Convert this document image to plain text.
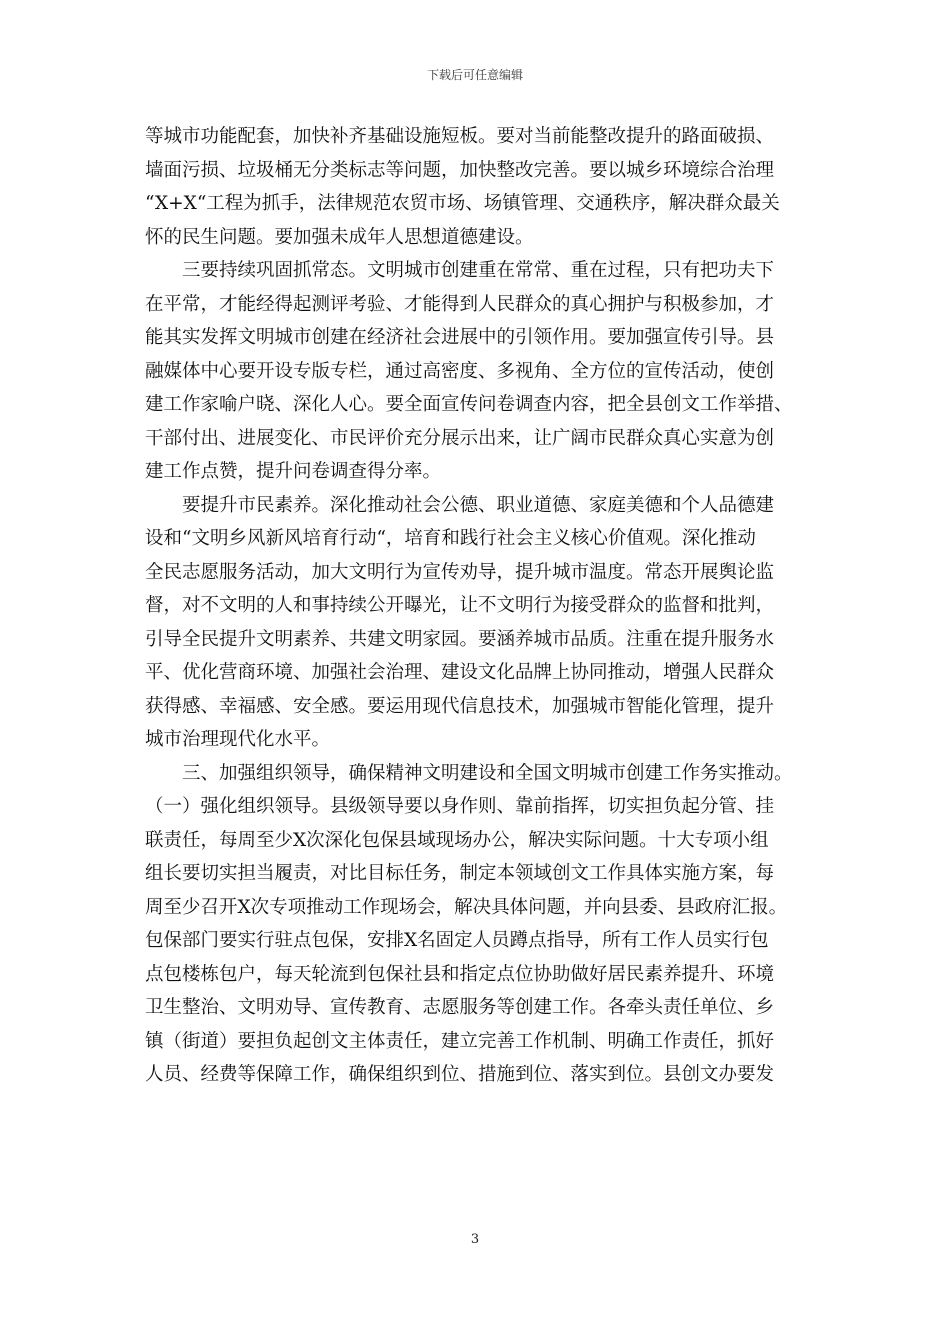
下载后可任意编辑

等城市功能配套，加快补齐基础设施短板。要对当前能整改提升的路面破损、
墙面污损、垃圾桶无分类标志等问题，加快整改完善。要以城乡环境综合治理
“X+X“工程为抓手，法律规范农贸市场、场镇管理、交通秩序，解决群众最关
怀的民生问题。要加强未成年人思想道德建设。

三要持续巩固抓常态。文明城市创建重在常常、重在过程，只有把功夫下
在平常，才能经得起测评考验、才能得到人民群众的真心拥护与积极参加，才
能其实发挥文明城市创建在经济社会进展中的引领作用。要加强宣传引导。县
融媒体中心要开设专版专栏，通过高密度、多视角、全方位的宣传活动，使创
建工作家喻户晓、深化人心。要全面宣传问卷调查内容，把全县创文工作举措、
干部付出、进展变化、市民评价充分展示出来，让广阔市民群众真心实意为创
建工作点赞，提升问卷调查得分率。

要提升市民素养。深化推动社会公德、职业道德、家庭美德和个人品德建
设和“文明乡风新风培育行动“，培育和践行社会主义核心价值观。深化推动
全民志愿服务活动，加大文明行为宣传劝导，提升城市温度。常态开展舆论监
督，对不文明的人和事持续公开曝光，让不文明行为接受群众的监督和批判，
引导全民提升文明素养、共建文明家园。要涵养城市品质。注重在提升服务水
平、优化营商环境、加强社会治理、建设文化品牌上协同推动，增强人民群众
获得感、幸福感、安全感。要运用现代信息技术，加强城市智能化管理，提升
城市治理现代化水平。

三、加强组织领导，确保精神文明建设和全国文明城市创建工作务实推动。
（一）强化组织领导。县级领导要以身作则、靠前指挥，切实担负起分管、挂
联责任，每周至少X次深化包保县域现场办公，解决实际问题。十大专项小组
组长要切实担当履责，对比目标任务，制定本领域创文工作具体实施方案，每
周至少召开X次专项推动工作现场会，解决具体问题，并向县委、县政府汇报。
包保部门要实行驻点包保，安排X名固定人员蹲点指导，所有工作人员实行包
点包楼栋包户，每天轮流到包保社县和指定点位协助做好居民素养提升、环境
卫生整治、文明劝导、宣传教育、志愿服务等创建工作。各牵头责任单位、乡
镇（街道）要担负起创文主体责任，建立完善工作机制、明确工作责任，抓好
人员、经费等保障工作，确保组织到位、措施到位、落实到位。县创文办要发

3
